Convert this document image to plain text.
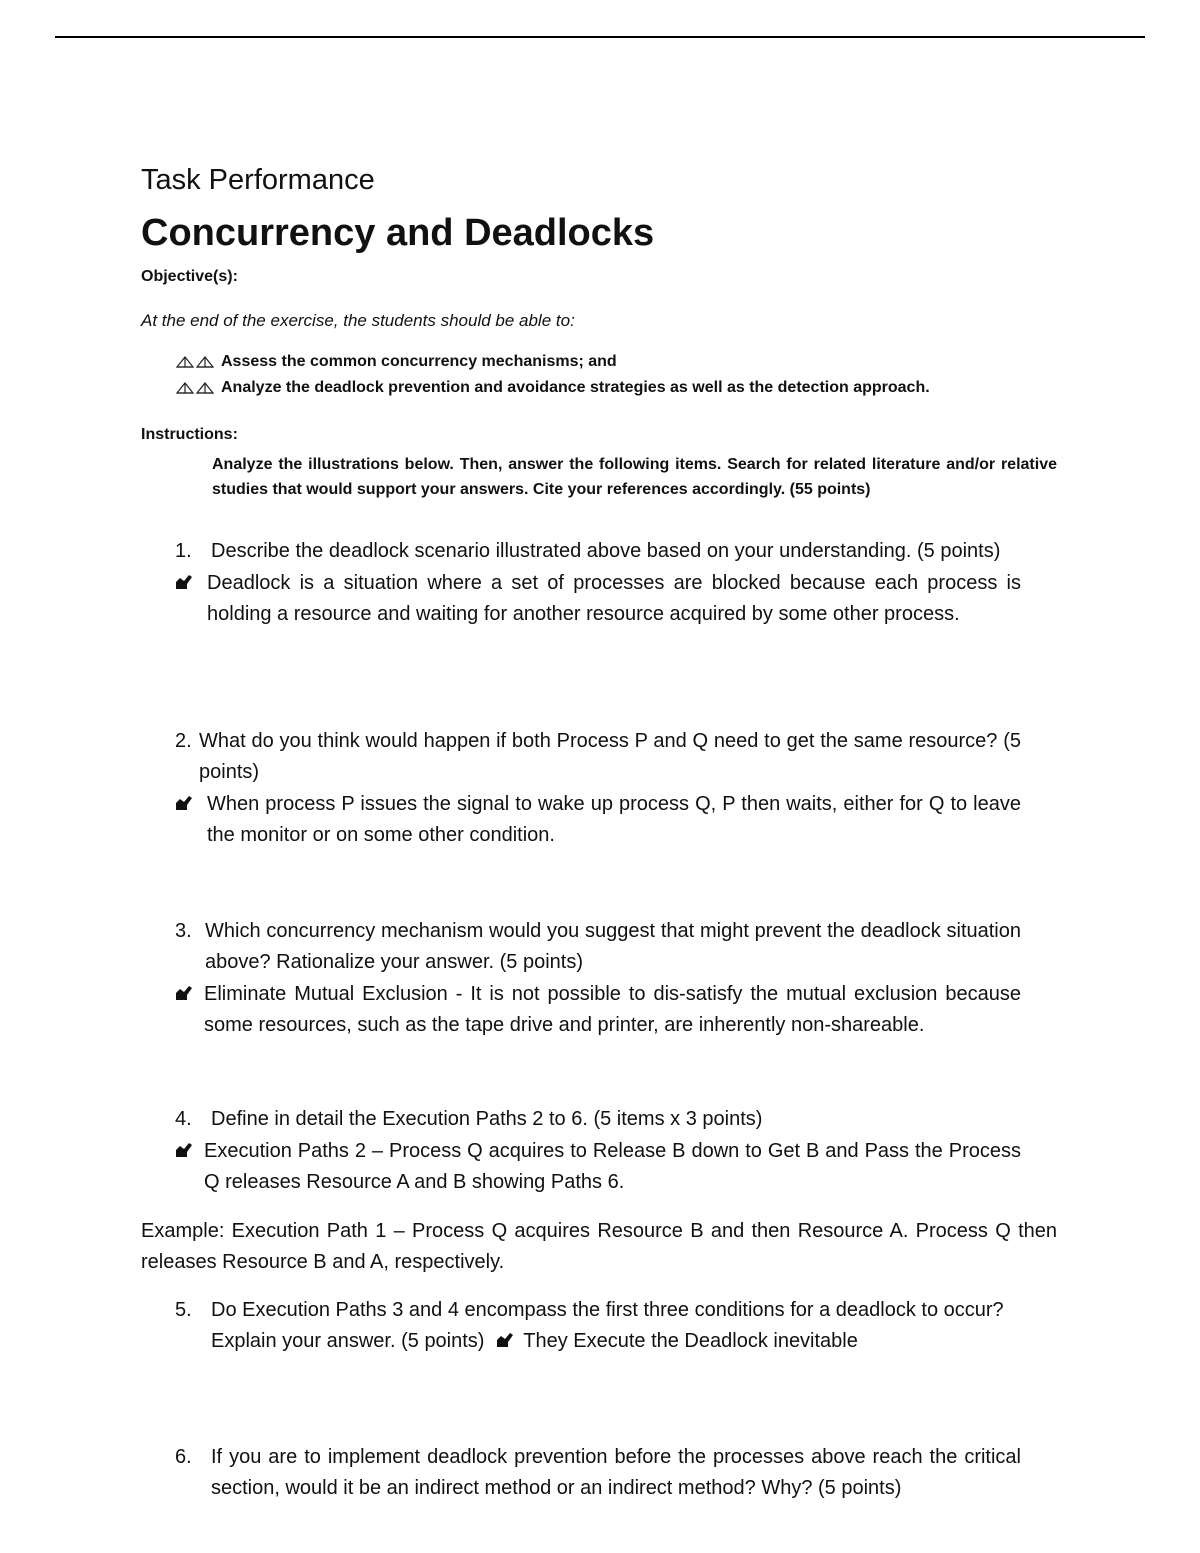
Task Performance
Concurrency and Deadlocks
Objective(s):
At the end of the exercise, the students should be able to:
Assess the common concurrency mechanisms; and
Analyze the deadlock prevention and avoidance strategies as well as the detection approach.
Instructions:
Analyze the illustrations below. Then, answer the following items. Search for related literature and/or relative studies that would support your answers. Cite your references accordingly. (55 points)
1. Describe the deadlock scenario illustrated above based on your understanding. (5 points)
Deadlock is a situation where a set of processes are blocked because each process is holding a resource and waiting for another resource acquired by some other process.
2. What do you think would happen if both Process P and Q need to get the same resource? (5 points)
When process P issues the signal to wake up process Q, P then waits, either for Q to leave the monitor or on some other condition.
3. Which concurrency mechanism would you suggest that might prevent the deadlock situation above? Rationalize your answer. (5 points)
Eliminate Mutual Exclusion - It is not possible to dis-satisfy the mutual exclusion because some resources, such as the tape drive and printer, are inherently non-shareable.
4. Define in detail the Execution Paths 2 to 6. (5 items x 3 points)
Execution Paths 2 – Process Q acquires to Release B down to Get B and Pass the Process Q releases Resource A and B showing Paths 6.
Example: Execution Path 1 – Process Q acquires Resource B and then Resource A. Process Q then releases Resource B and A, respectively.
5. Do Execution Paths 3 and 4 encompass the first three conditions for a deadlock to occur? Explain your answer. (5 points) They Execute the Deadlock inevitable
6. If you are to implement deadlock prevention before the processes above reach the critical section, would it be an indirect method or an indirect method? Why? (5 points)
